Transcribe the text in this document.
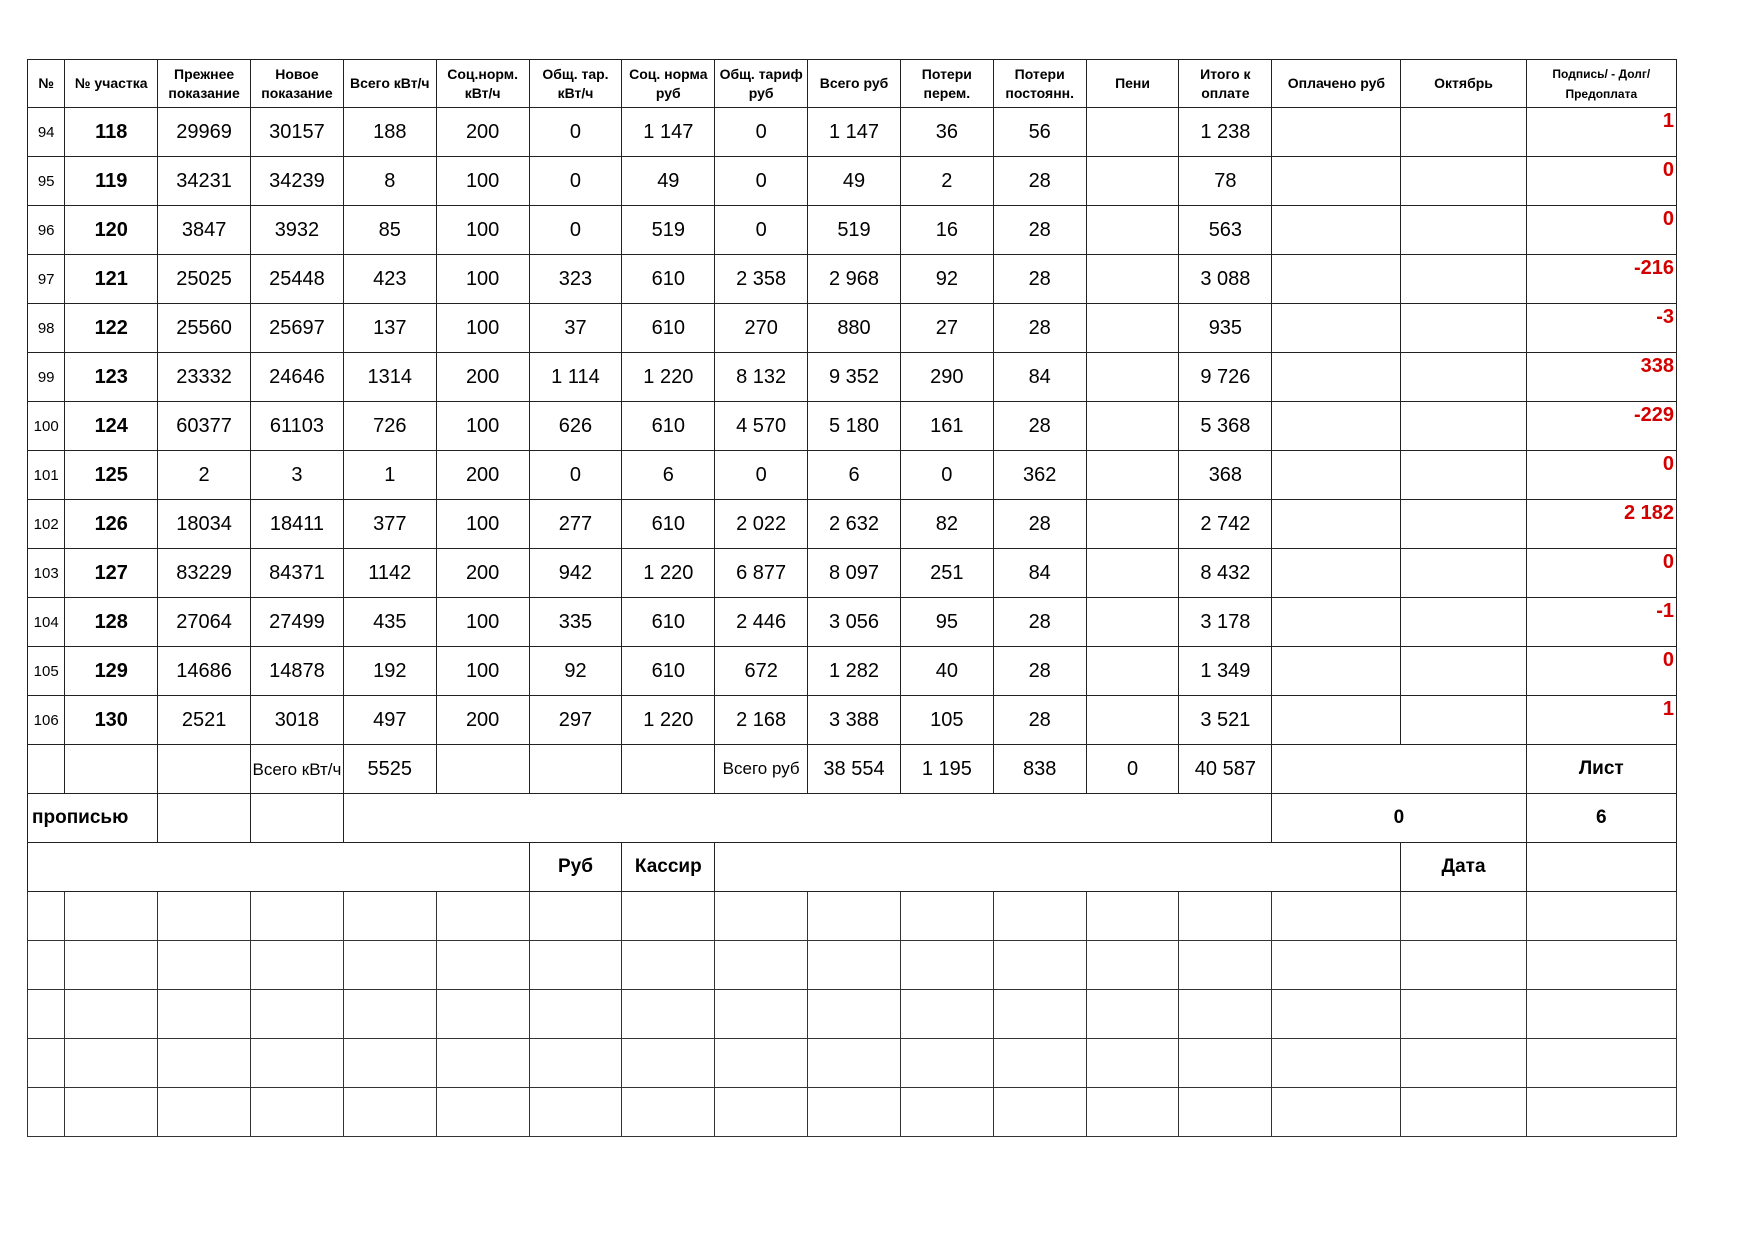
№	№ участка	Прежнее показание	Новое показание	Всего кВт/ч	Соц.норм. кВт/ч	Общ. тар. кВт/ч	Соц. норма руб	Общ. тариф руб	Всего руб	Потери перем.	Потери постоянн.	Пени	Итого к оплате	Оплачено руб	Октябрь	Подпись/ - Долг/Предоплата
94	118	29969	30157	188	200	0	1 147	0	1 147	36	56		1 238			1
95	119	34231	34239	8	100	0	49	0	49	2	28		78			0
96	120	3847	3932	85	100	0	519	0	519	16	28		563			0
97	121	25025	25448	423	100	323	610	2 358	2 968	92	28		3 088			-216
98	122	25560	25697	137	100	37	610	270	880	27	28		935			-3
99	123	23332	24646	1314	200	1 114	1 220	8 132	9 352	290	84		9 726			338
100	124	60377	61103	726	100	626	610	4 570	5 180	161	28		5 368			-229
101	125	2	3	1	200	0	6	0	6	0	362		368			0
102	126	18034	18411	377	100	277	610	2 022	2 632	82	28		2 742			2 182
103	127	83229	84371	1142	200	942	1 220	6 877	8 097	251	84		8 432			0
104	128	27064	27499	435	100	335	610	2 446	3 056	95	28		3 178			-1
105	129	14686	14878	192	100	92	610	672	1 282	40	28		1 349			0
106	130	2521	3018	497	200	297	1 220	2 168	3 388	105	28		3 521			1
			Всего кВт/ч	5525				Всего руб	38 554	1 195	838	0	40 587			Лист
прописью														0		6
						Руб	Кассир								Дата	
